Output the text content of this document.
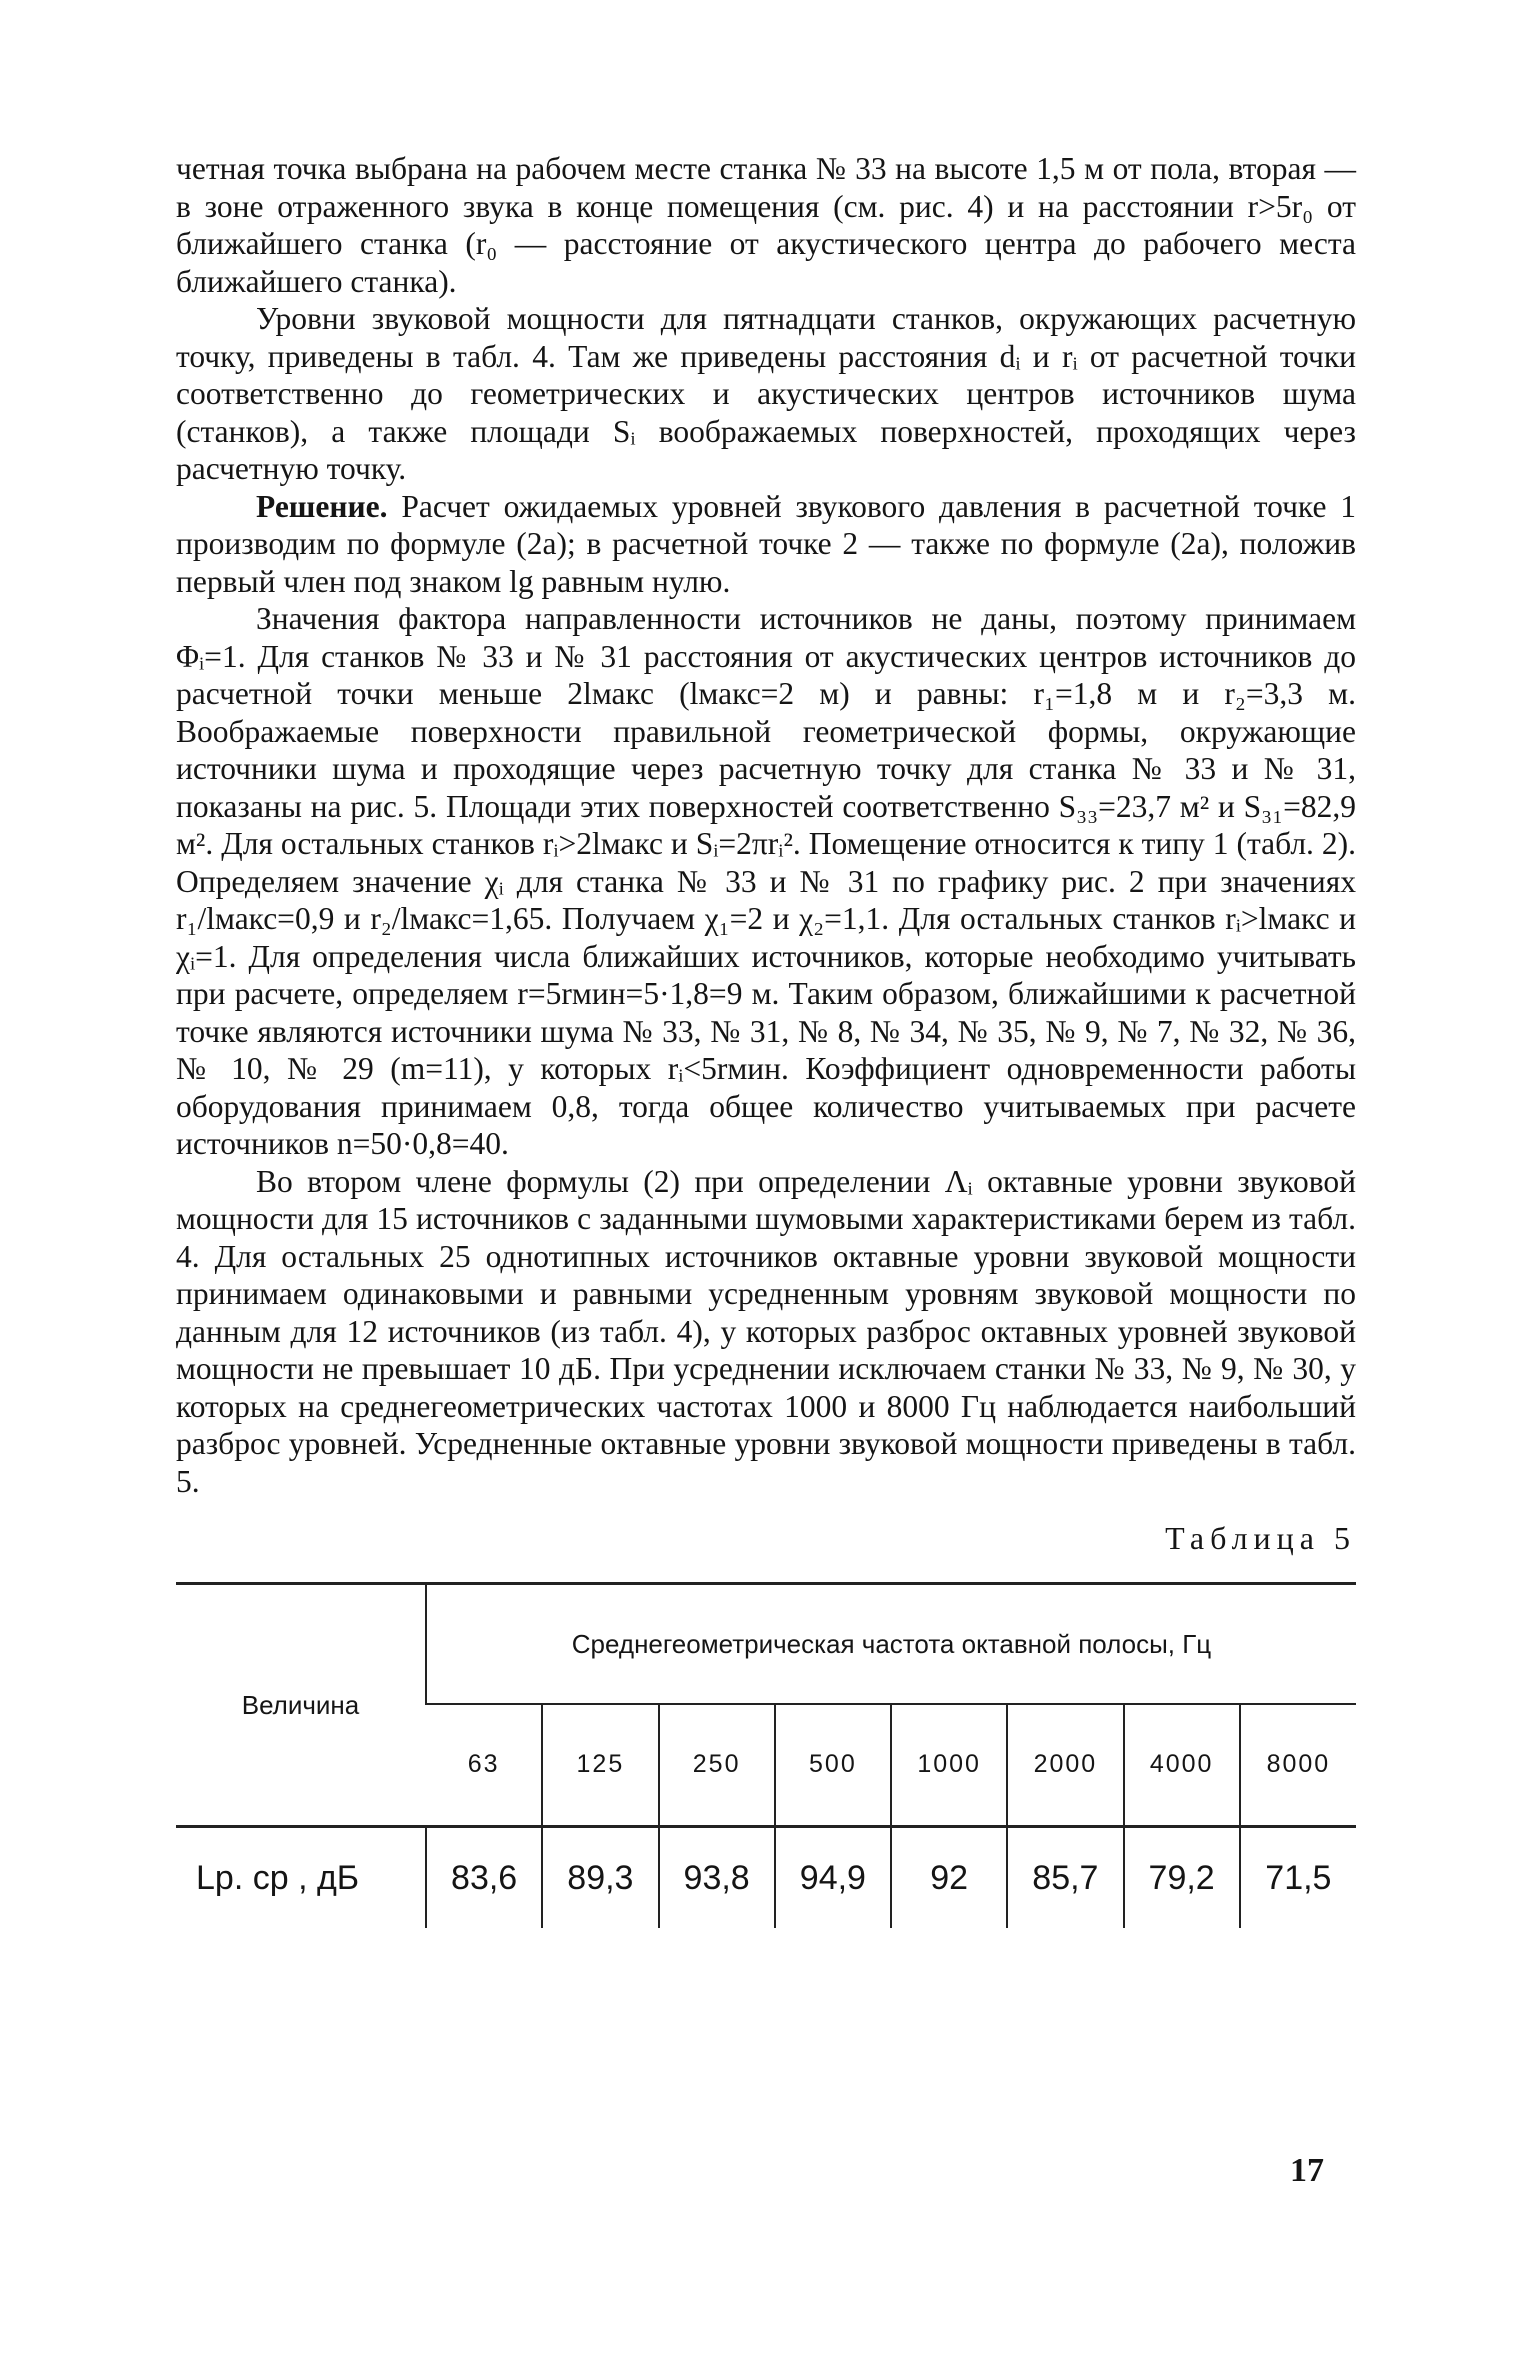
четная точка выбрана на рабочем месте станка № 33 на высоте 1,5 м от пола, вторая — в зоне отраженного звука в конце помещения (см. рис. 4) и на расстоянии r>5r₀ от ближайшего станка (r₀ — расстояние от акустического центра до рабочего места ближайшего станка).

Уровни звуковой мощности для пятнадцати станков, окружающих расчетную точку, приведены в табл. 4. Там же приведены расстояния dᵢ и rᵢ от расчетной точки соответственно до геометрических и акустических центров источников шума (станков), а также площади Sᵢ воображаемых поверхностей, проходящих через расчетную точку.

Решение. Расчет ожидаемых уровней звукового давления в расчетной точке 1 производим по формуле (2а); в расчетной точке 2 — также по формуле (2а), положив первый член под знаком lg равным нулю.

Значения фактора направленности источников не даны, поэтому принимаем Φᵢ=1. Для станков № 33 и № 31 расстояния от акустических центров источников до расчетной точки меньше 2lмакс (lмакс=2 м) и равны: r₁=1,8 м и r₂=3,3 м. Воображаемые поверхности правильной геометрической формы, окружающие источники шума и проходящие через расчетную точку для станка № 33 и № 31, показаны на рис. 5. Площади этих поверхностей соответственно S₃₃=23,7 м² и S₃₁=82,9 м². Для остальных станков rᵢ>2lмакс и Sᵢ=2πrᵢ². Помещение относится к типу 1 (табл. 2). Определяем значение χᵢ для станка № 33 и № 31 по графику рис. 2 при значениях r₁/lмакс=0,9 и r₂/lмакс=1,65. Получаем χ₁=2 и χ₂=1,1. Для остальных станков rᵢ>lмакс и χᵢ=1. Для определения числа ближайших источников, которые необходимо учитывать при расчете, определяем r=5rмин=5·1,8=9 м. Таким образом, ближайшими к расчетной точке являются источники шума № 33, № 31, № 8, № 34, № 35, № 9, № 7, № 32, № 36, № 10, № 29 (m=11), у которых rᵢ<5rмин. Коэффициент одновременности работы оборудования принимаем 0,8, тогда общее количество учитываемых при расчете источников n=50·0,8=40.

Во втором члене формулы (2) при определении Λᵢ октавные уровни звуковой мощности для 15 источников с заданными шумовыми характеристиками берем из табл. 4. Для остальных 25 однотипных источников октавные уровни звуковой мощности принимаем одинаковыми и равными усредненным уровням звуковой мощности по данным для 12 источников (из табл. 4), у которых разброс октавных уровней звуковой мощности не превышает 10 дБ. При усреднении исключаем станки № 33, № 9, № 30, у которых на среднегеометрических частотах 1000 и 8000 Гц наблюдается наибольший разброс уровней. Усредненные октавные уровни звуковой мощности приведены в табл. 5.

Таблица 5
Величина	Среднегеометрическая частота октавной полосы, Гц							
	63	125	250	500	1000	2000	4000	8000
Lp. ср , дБ	83,6	89,3	93,8	94,9	92	85,7	79,2	71,5
17
